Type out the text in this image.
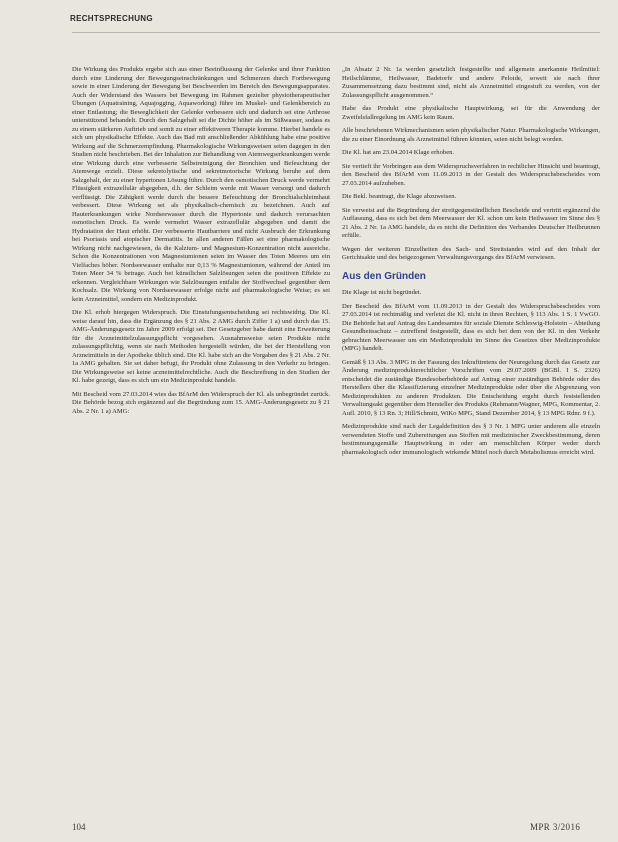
RECHTSPRECHUNG

Die Wirkung des Produkts ergebe sich aus einer Beeinflussung der Gelenke und ihrer Funktion durch eine Linderung der Bewegungseinschränkungen und Schmerzen durch Fortbewegung sowie in einer Linderung der Bewegung bei Beschwerden im Bereich des Bewegungsapparates. Auch der Widerstand des Wassers bei Bewegung im Rahmen gezielter physiotherapeutischer Übungen (Aquatraining, Aquajogging, Aquaworking) führe im Muskel- und Gelenkbereich zu einer Entlastung; die Beweglichkeit der Gelenke verbessere sich und dadurch sei eine Arthrose unterstützend behandelt. Durch den Salzgehalt sei die Dichte höher als im Süßwasser, sodass es zu einem stärkeren Auftrieb und somit zu einer effektiveren Therapie komme. Hierbei handele es sich um physikalische Effekte. Auch das Bad mit anschließender Abkühlung habe eine positive Wirkung auf die Schmerzempfindung. Pharmakologische Wirkungsweisen seien dagegen in den Studien nicht beschrieben. Bei der Inhalation zur Behandlung von Atemwegserkrankungen werde eine Wirkung durch eine verbesserte Selbstreinigung der Bronchien und Befeuchtung der Atemwege erzielt. Diese sekretolytische und sekretmotorische Wirkung beruhe auf dem Salzgehalt, der zu einer hypertonen Lösung führe. Durch den osmotischen Druck werde vermehrt Flüssigkeit extrazellulär abgegeben, d.h. der Schleim werde mit Wasser versorgt und dadurch verflüssigt. Die Zähigkeit werde durch die bessere Befeuchtung der Bronchialschleimhaut verbessert. Diese Wirkung sei als physikalisch-chemisch zu bezeichnen. Auch auf Hauterkrankungen wirke Nordseewasser durch die Hypertonie und dadurch verursachten osmotischen Druck. Es werde vermehrt Wasser extrazellulär abgegeben und damit die Hydratation der Haut erhöht. Der verbesserte Hautbarriere und nicht Ausbruch der Erkrankung bei Psoriasis und atopischer Dermatitis. In allen anderen Fällen sei eine pharmakologische Wirkung nicht nachgewiesen, da die Kalzium- und Magnesium-Konzentration nicht ausreiche. Schon die Konzentrationen von Magnesiumionen seien im Wasser des Toten Meeres um ein Vielfaches höher. Nordseewasser enthalte nur 0,13 % Magnesiumionen, während der Anteil im Toten Meer 34 % betrage. Auch bei künstlichen Salzlösungen seien die positiven Effekte zu erkennen. Vergleichbare Wirkungen wie Salzlösungen entfalte der Stoffwechsel gegenüber dem Kochsalz. Die Wirkung von Nordseewasser erfolge nicht auf pharmakologische Weise; es sei kein Arzneimittel, sondern ein Medizinprodukt.

Die Kl. erhob hiergegen Widerspruch. Die Einstufungsentscheidung sei rechtswidrig. Die Kl. weise darauf hin, dass die Ergänzung des § 21 Abs. 2 AMG durch Ziffer 1 a) und durch das 15. AMG-Änderungsgesetz im Jahre 2009 erfolgt sei. Der Gesetzgeber habe damit eine Erweiterung für die Arzneimittelzulassungspflicht vorgesehen. Ausnahmsweise seien Produkte nicht zulassungspflichtig, wenn sie nach Methoden hergestellt würden, die bei der Herstellung von Arzneimitteln in der Apotheke üblich sind. Die Kl. habe sich an die Vorgaben des § 21 Abs. 2 Nr. 1a AMG gehalten. Sie sei daher befugt, ihr Produkt ohne Zulassung in den Verkehr zu bringen. Die Wirkungsweise sei keine arzneimittelrechtliche. Auch die Beschreibung in den Studien der Kl. habe gezeigt, dass es sich um ein Medizinprodukt handele.

Mit Bescheid vom 27.03.2014 wies das BfArM den Widerspruch der Kl. als unbegründet zurück. Die Behörde bezog sich ergänzend auf die Begründung zum 15. AMG-Änderungsgesetz zu § 21 Abs. 2 Nr. 1 a) AMG:

„In Absatz 2 Nr. 1a werden gesetzlich festgestellte und allgemein anerkannte Heilmittel: Heilschlämme, Heilwasser, Badetorfe und andere Peloide, soweit sie nach ihrer Zusammensetzung dazu bestimmt sind, nicht als Arzneimittel eingestuft zu werden, von der Zulassungspflicht ausgenommen.“

Habe das Produkt eine physikalische Hauptwirkung, sei für die Anwendung der Zweifelsfallregelung im AMG kein Raum.

Alle beschriebenen Wirkmechanismen seien physikalischer Natur. Pharmakologische Wirkungen, die zu einer Einordnung als Arzneimittel führen könnten, seien nicht belegt worden.

Die Kl. hat am 23.04.2014 Klage erhoben.

Sie vertieft ihr Vorbringen aus dem Widerspruchsverfahren in rechtlicher Hinsicht und beantragt, den Bescheid des BfArM vom 11.09.2013 in der Gestalt des Widerspruchsbescheides vom 27.03.2014 aufzuheben.

Die Bekl. beantragt, die Klage abzuweisen.

Sie verweist auf die Begründung der streitgegenständlichen Bescheide und vertritt ergänzend die Auffassung, dass es sich bei dem Meerwasser der Kl. schon um kein Heilwasser im Sinne des § 21 Abs. 2 Nr. 1a AMG handele, da es nicht die Definition des Verbandes Deutscher Heilbrunnen erfülle.

Wegen der weiteren Einzelheiten des Sach- und Streitstandes wird auf den Inhalt der Gerichtsakte und des beigezogenen Verwaltungsvorgangs des BfArM verwiesen.

Aus den Gründen

Die Klage ist nicht begründet.

Der Bescheid des BfArM vom 11.09.2013 in der Gestalt des Widerspruchsbescheides vom 27.03.2014 ist rechtmäßig und verletzt die Kl. nicht in ihren Rechten, § 113 Abs. 1 S. 1 VwGO. Die Behörde hat auf Antrag des Landesamtes für soziale Dienste Schleswig-Holstein – Abteilung Gesundheitsschutz – zutreffend festgestellt, dass es sich bei dem von der Kl. in den Verkehr gebrachten Meerwasser um ein Medizinprodukt im Sinne des Gesetzes über Medizinprodukte (MPG) handelt.

Gemäß § 13 Abs. 3 MPG in der Fassung des Inkrafttretens der Neuregelung durch das Gesetz zur Änderung medizinprodukterechtlicher Vorschriften vom 29.07.2009 (BGBl. I S. 2326) entscheidet die zuständige Bundesoberbehörde auf Antrag einer zuständigen Behörde oder des Herstellers über die Klassifizierung einzelner Medizinprodukte oder über die Abgrenzung von Medizinprodukten zu anderen Produkten. Die Entscheidung ergeht durch feststellenden Verwaltungsakt gegenüber dem Hersteller des Produkts (Rehmann/Wagner, MPG, Kommentar, 2. Aufl. 2010, § 13 Rn. 3; Hill/Schmitt, WiKo MPG, Stand Dezember 2014, § 13 MPG Rdnr. 9 f.).

Medizinprodukte sind nach der Legaldefinition des § 3 Nr. 1 MPG unter anderem alle einzeln verwendeten Stoffe und Zubereitungen aus Stoffen mit medizinischer Zweckbestimmung, deren bestimmungsgemäße Hauptwirkung in oder am menschlichen Körper weder durch pharmakologisch oder immunologisch wirkende Mittel noch durch Metabolismus erreicht wird.

104	MPR 3/2016
